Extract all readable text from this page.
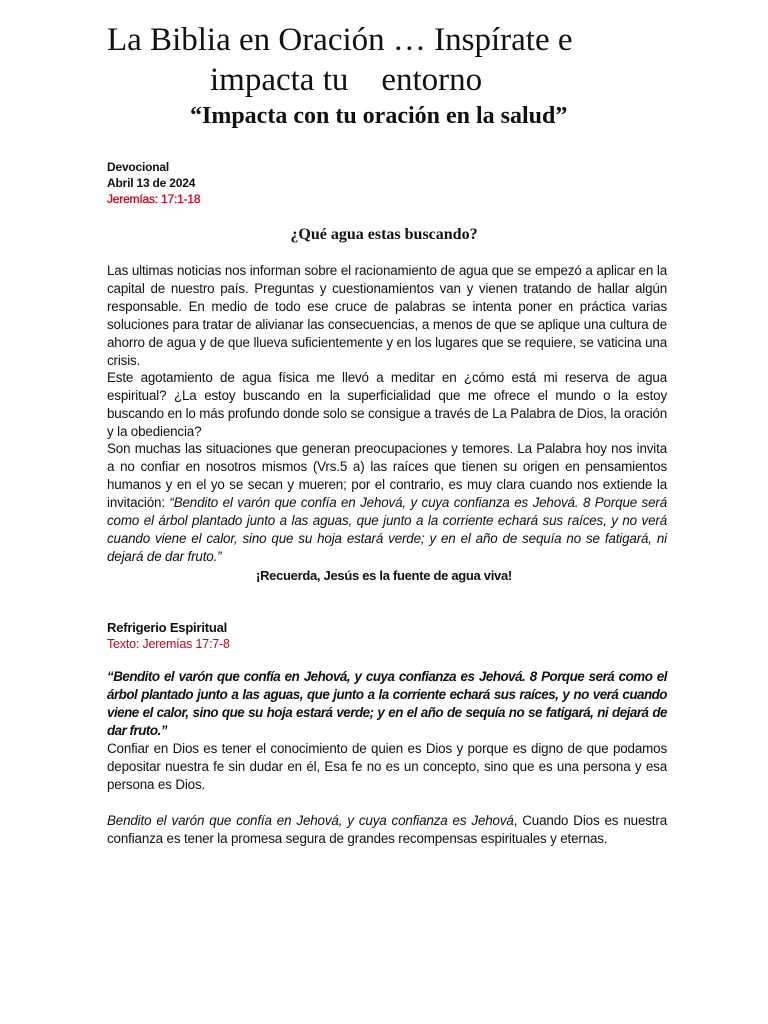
La Biblia en Oración … Inspírate e
impacta tu    entorno
“Impacta con tu oración en la salud”
Devocional
Abril 13 de 2024
Jeremías: 17:1-18
¿Qué agua estas buscando?
Las ultimas noticias nos informan sobre el racionamiento de agua que se empezó a aplicar en la capital de nuestro país. Preguntas y cuestionamientos van y vienen tratando de hallar algún responsable. En medio de todo ese cruce de palabras se intenta poner en práctica varias soluciones para tratar de alivianar las consecuencias, a menos de que se aplique una cultura de ahorro de agua y de que llueva suficientemente y en los lugares que se requiere, se vaticina una crisis.
Este agotamiento de agua física me llevó a meditar en ¿cómo está mi reserva de agua espiritual? ¿La estoy buscando en la superficialidad que me ofrece el mundo o la estoy buscando en lo más profundo donde solo se consigue a través de La Palabra de Dios, la oración y la obediencia?
Son muchas las situaciones que generan preocupaciones y temores. La Palabra hoy nos invita a no confiar en nosotros mismos (Vrs.5 a) las raíces que tienen su origen en pensamientos humanos y en el yo se secan y mueren; por el contrario, es muy clara cuando nos extiende la invitación: “Bendito el varón que confía en Jehová, y cuya confianza es Jehová. 8 Porque será como el árbol plantado junto a las aguas, que junto a la corriente echará sus raíces, y no verá cuando viene el calor, sino que su hoja estará verde; y en el año de sequía no se fatigará, ni dejará de dar fruto.”
¡Recuerda, Jesús es la fuente de agua viva!
Refrigerio Espiritual
Texto: Jeremías 17:7-8
“Bendito el varón que confía en Jehová, y cuya confianza es Jehová. 8 Porque será como el árbol plantado junto a las aguas, que junto a la corriente echará sus raíces, y no verá cuando viene el calor, sino que su hoja estará verde; y en el año de sequía no se fatigará, ni dejará de dar fruto.”
Confiar en Dios es tener el conocimiento de quien es Dios y porque es digno de que podamos depositar nuestra fe sin dudar en él, Esa fe no es un concepto, sino que es una persona y esa persona es Dios.
Bendito el varón que confía en Jehová, y cuya confianza es Jehová, Cuando Dios es nuestra confianza es tener la promesa segura de grandes recompensas espirituales y eternas.
